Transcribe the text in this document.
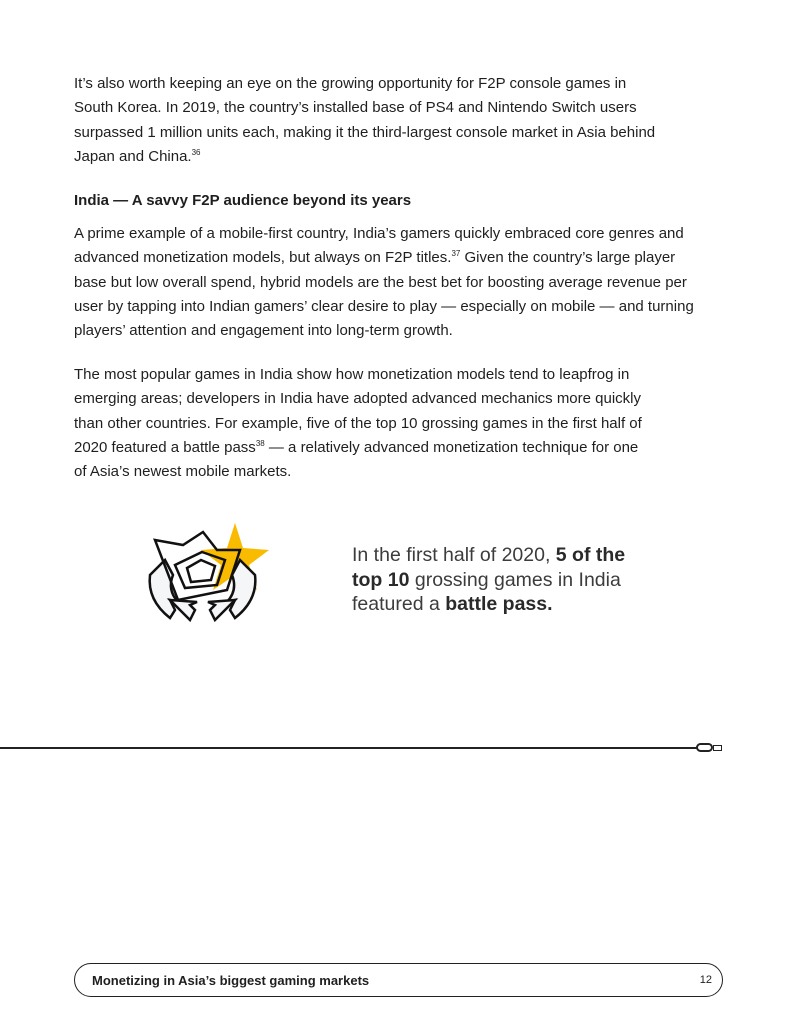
It’s also worth keeping an eye on the growing opportunity for F2P console games in
South Korea. In 2019, the country’s installed base of PS4 and Nintendo Switch users
surpassed 1 million units each, making it the third-largest console market in Asia behind
Japan and China.$^{36}$
India — A savvy F2P audience beyond its years
A prime example of a mobile-first country, India’s gamers quickly embraced core genres and
advanced monetization models, but always on F2P titles.$^{37}$ Given the country’s large player
base but low overall spend, hybrid models are the best bet for boosting average revenue per
user by tapping into Indian gamers’ clear desire to play — especially on mobile — and turning
players’ attention and engagement into long-term growth.
The most popular games in India show how monetization models tend to leapfrog in
emerging areas; developers in India have adopted advanced mechanics more quickly
than other countries. For example, five of the top 10 grossing games in the first half of
2020 featured a battle pass$^{38}$ — a relatively advanced monetization technique for one
of Asia’s newest mobile markets.
In the first half of 2020, 5 of the
top 10 grossing games in India
featured a battle pass.
Monetizing in Asia’s biggest gaming markets	12
